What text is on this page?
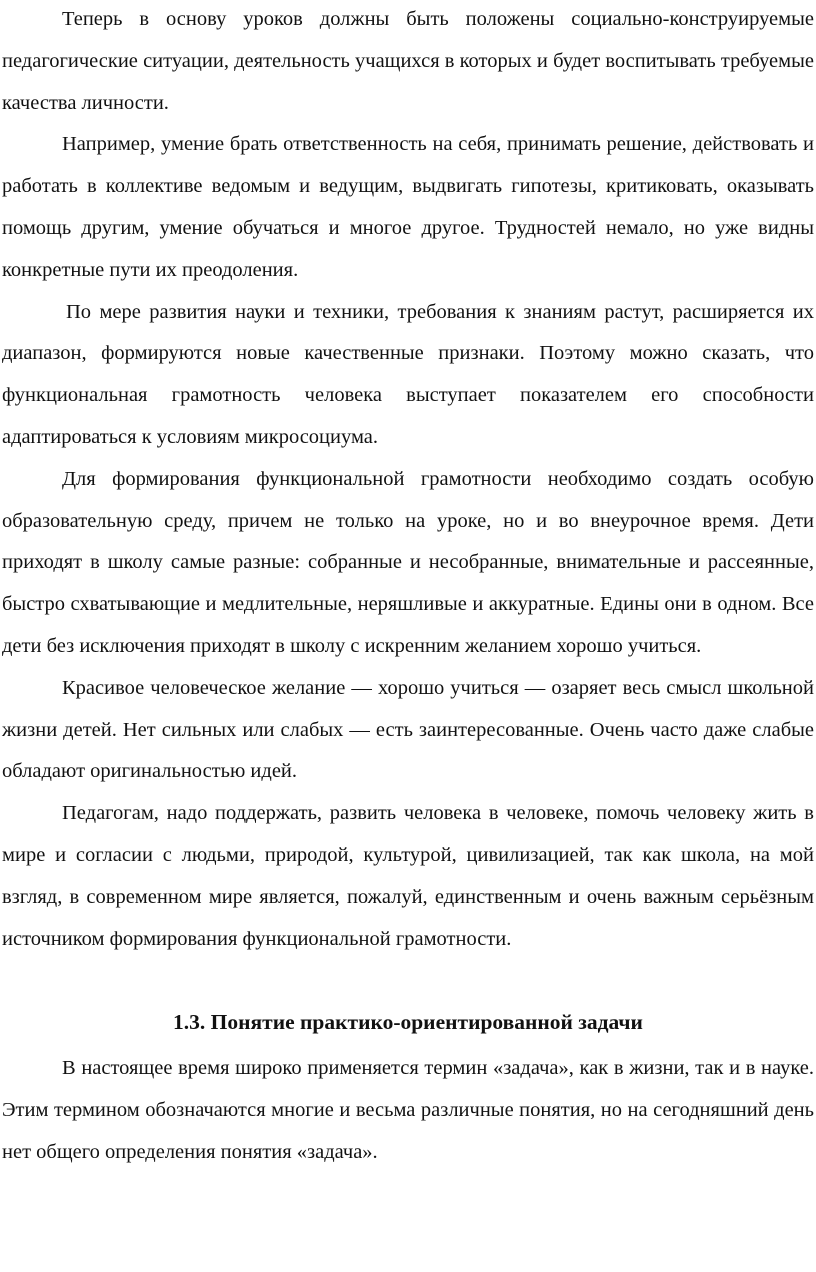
Теперь в основу уроков должны быть положены социально-конструируемые педагогические ситуации, деятельность учащихся в которых и будет воспитывать требуемые качества личности.

Например, умение брать ответственность на себя, принимать решение, действовать и работать в коллективе ведомым и ведущим, выдвигать гипотезы, критиковать, оказывать помощь другим, умение обучаться и многое другое. Трудностей немало, но уже видны конкретные пути их преодоления.

По мере развития науки и техники, требования к знаниям растут, расширяется их диапазон, формируются новые качественные признаки. Поэтому можно сказать, что функциональная грамотность человека выступает показателем его способности адаптироваться к условиям микросоциума.

Для формирования функциональной грамотности необходимо создать особую образовательную среду, причем не только на уроке, но и во внеурочное время. Дети приходят в школу самые разные: собранные и несобранные, внимательные и рассеянные, быстро схватывающие и медлительные, неряшливые и аккуратные. Едины они в одном. Все дети без исключения приходят в школу с искренним желанием хорошо учиться.

Красивое человеческое желание — хорошо учиться — озаряет весь смысл школьной жизни детей. Нет сильных или слабых — есть заинтересованные. Очень часто даже слабые обладают оригинальностью идей.

Педагогам, надо поддержать, развить человека в человеке, помочь человеку жить в мире и согласии с людьми, природой, культурой, цивилизацией, так как школа, на мой взгляд, в современном мире является, пожалуй, единственным и очень важным серьёзным источником формирования функциональной грамотности.

1.3. Понятие практико-ориентированной задачи

В настоящее время широко применяется термин «задача», как в жизни, так и в науке. Этим термином обозначаются многие и весьма различные понятия, но на сегодняшний день нет общего определения понятия «задача».
